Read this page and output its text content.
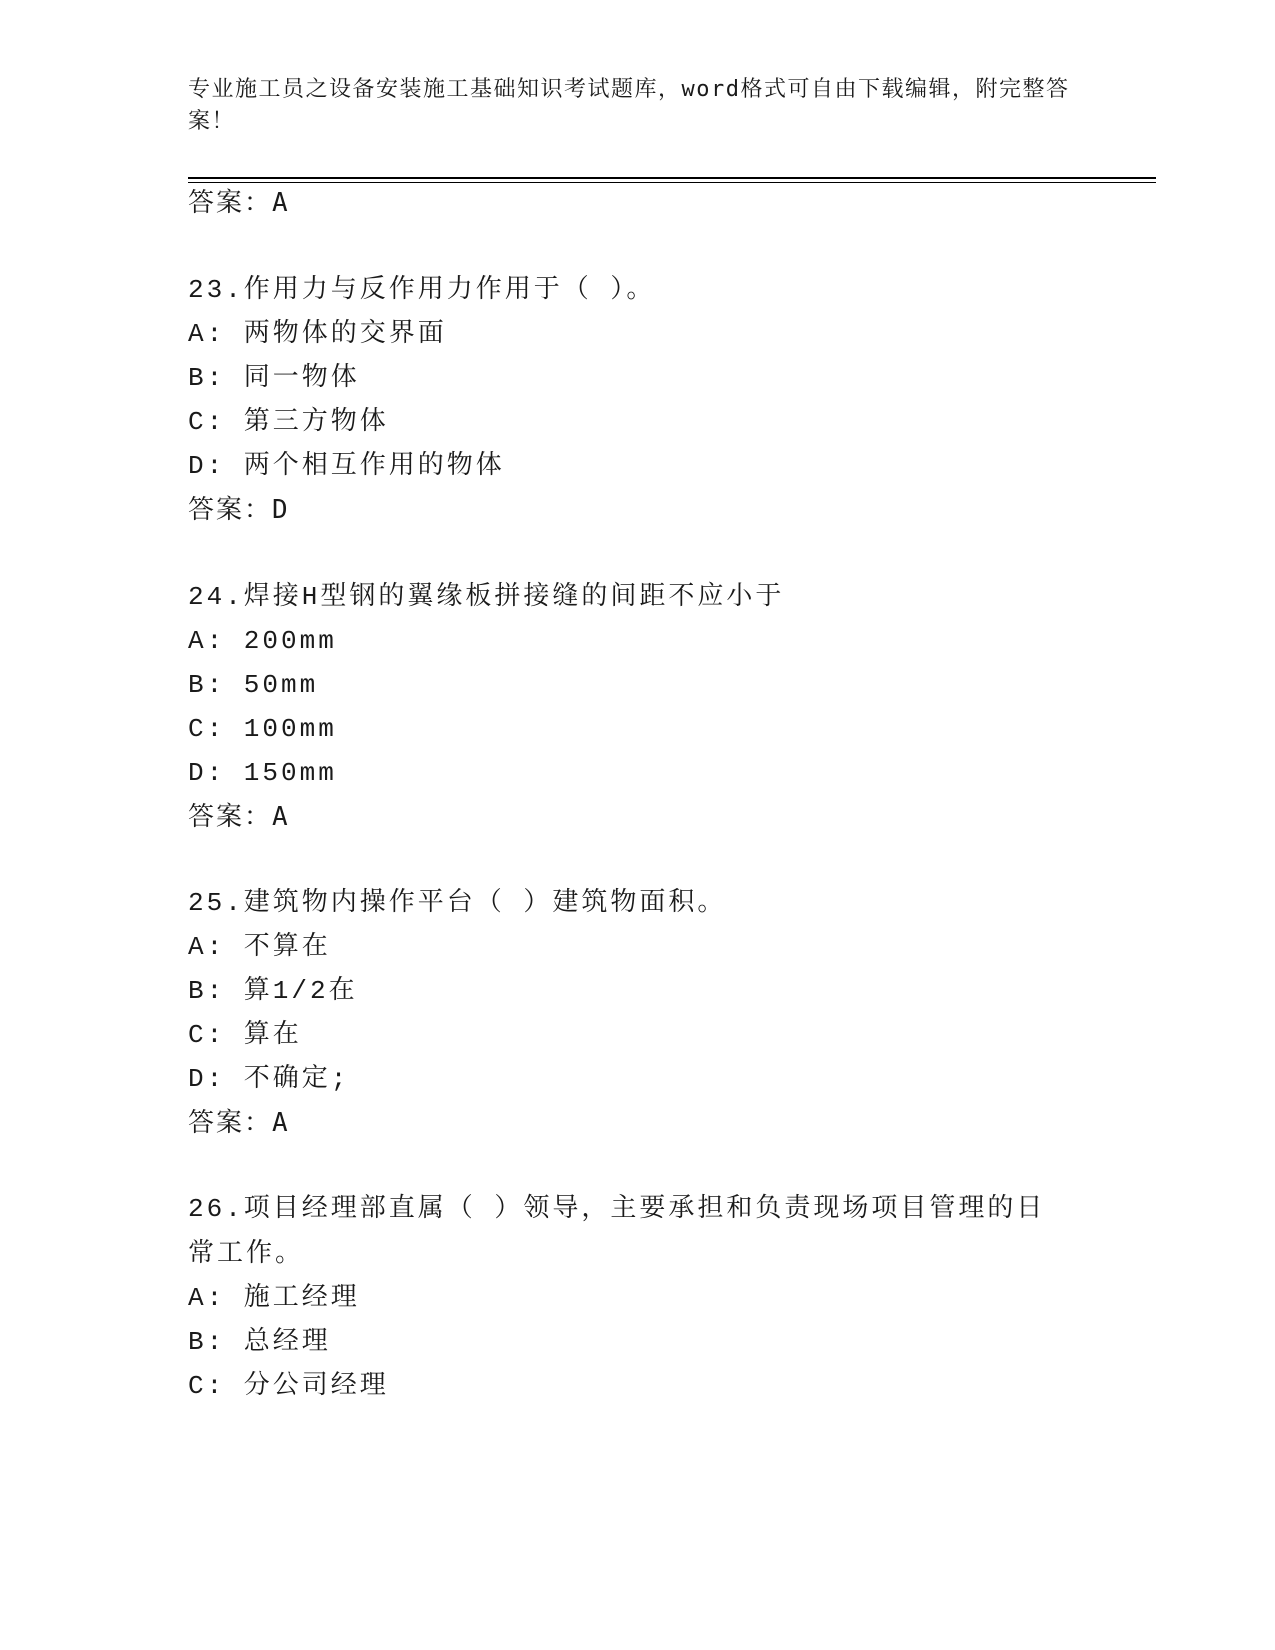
专业施工员之设备安装施工基础知识考试题库，word格式可自由下载编辑，附完整答案！
答案：A
23.作用力与反作用力作用于（ ）。
A: 两物体的交界面
B: 同一物体
C: 第三方物体
D: 两个相互作用的物体
答案：D
24.焊接H型钢的翼缘板拼接缝的间距不应小于
A: 200mm
B: 50mm
C: 100mm
D: 150mm
答案：A
25.建筑物内操作平台（ ）建筑物面积。
A: 不算在
B: 算1/2在
C: 算在
D: 不确定;
答案：A
26.项目经理部直属（ ）领导，主要承担和负责现场项目管理的日常工作。
A: 施工经理
B: 总经理
C: 分公司经理
